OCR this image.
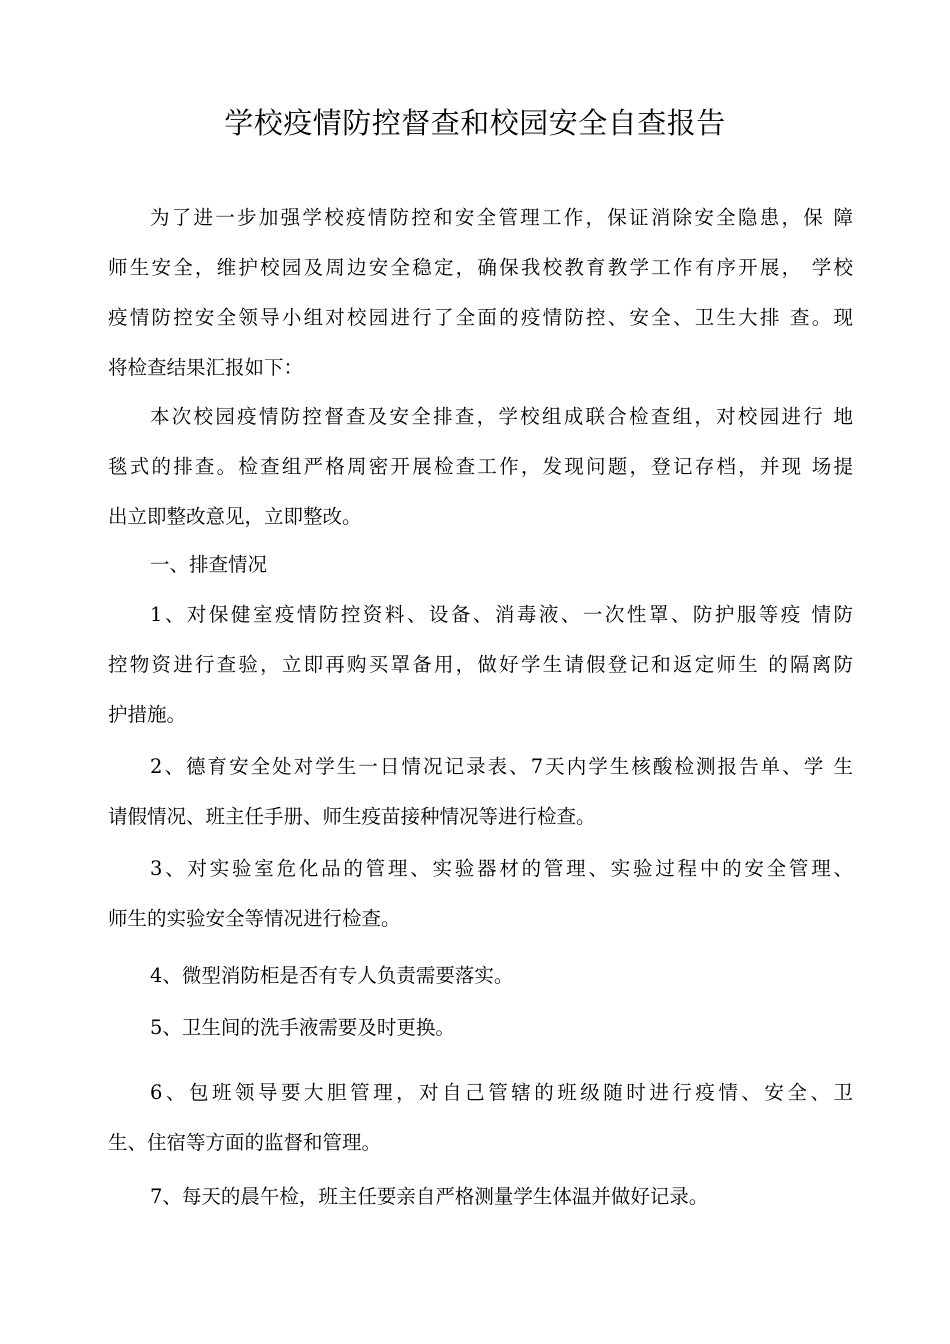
学校疫情防控督查和校园安全自查报告
为了进一步加强学校疫情防控和安全管理工作，保证消除安全隐患，保 障
师生安全，维护校园及周边安全稳定，确保我校教育教学工作有序开展， 学校
疫情防控安全领导小组对校园进行了全面的疫情防控、安全、卫生大排 查。现
将检查结果汇报如下：
本次校园疫情防控督查及安全排查，学校组成联合检查组，对校园进行 地
毯式的排查。检查组严格周密开展检查工作，发现问题，登记存档，并现 场提
出立即整改意见，立即整改。
一、排查情况
1、对保健室疫情防控资料、设备、消毒液、一次性罩、防护服等疫 情防
控物资进行查验，立即再购买罩备用，做好学生请假登记和返定师生 的隔离防
护措施。
2、德育安全处对学生一日情况记录表、7天内学生核酸检测报告单、学 生
请假情况、班主任手册、师生疫苗接种情况等进行检查。
3、对实验室危化品的管理、实验器材的管理、实验过程中的安全管理、
师生的实验安全等情况进行检查。
4、微型消防柜是否有专人负责需要落实。
5、卫生间的洗手液需要及时更换。
6、包班领导要大胆管理，对自己管辖的班级随时进行疫情、安全、卫
生、住宿等方面的监督和管理。
7、每天的晨午检，班主任要亲自严格测量学生体温并做好记录。
